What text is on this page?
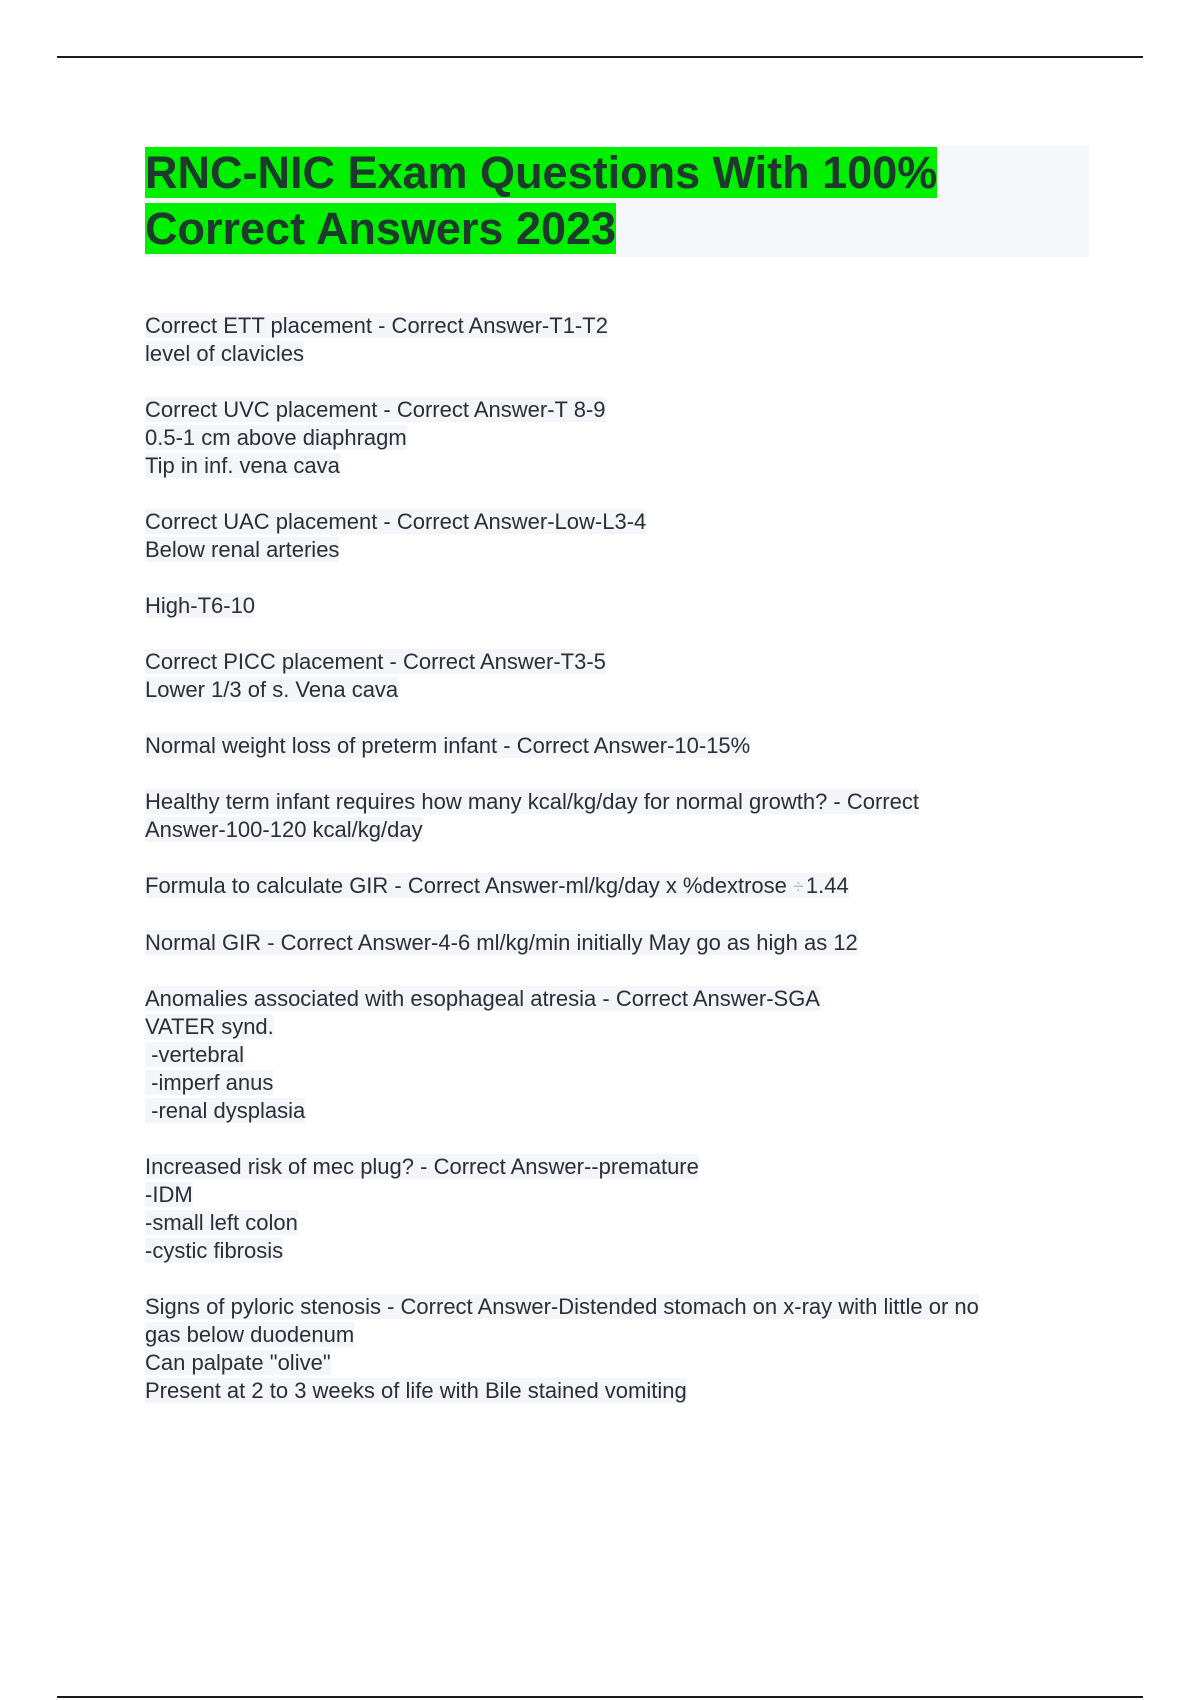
RNC-NIC Exam Questions With 100%
Correct Answers 2023
Correct ETT placement - Correct Answer-T1-T2
level of clavicles
Correct UVC placement - Correct Answer-T 8-9
0.5-1 cm above diaphragm
Tip in inf. vena cava
Correct UAC placement - Correct Answer-Low-L3-4
Below renal arteries
High-T6-10
Correct PICC placement - Correct Answer-T3-5
Lower 1/3 of s. Vena cava
Normal weight loss of preterm infant - Correct Answer-10-15%
Healthy term infant requires how many kcal/kg/day for normal growth? - Correct
Answer-100-120 kcal/kg/day
Formula to calculate GIR - Correct Answer-ml/kg/day x %dextrose ÷1.44
Normal GIR - Correct Answer-4-6 ml/kg/min initially May go as high as 12
Anomalies associated with esophageal atresia - Correct Answer-SGA
VATER synd.
-vertebral
-imperf anus
-renal dysplasia
Increased risk of mec plug? - Correct Answer--premature
-IDM
-small left colon
-cystic fibrosis
Signs of pyloric stenosis - Correct Answer-Distended stomach on x-ray with little or no
gas below duodenum
Can palpate "olive"
Present at 2 to 3 weeks of life with Bile stained vomiting
